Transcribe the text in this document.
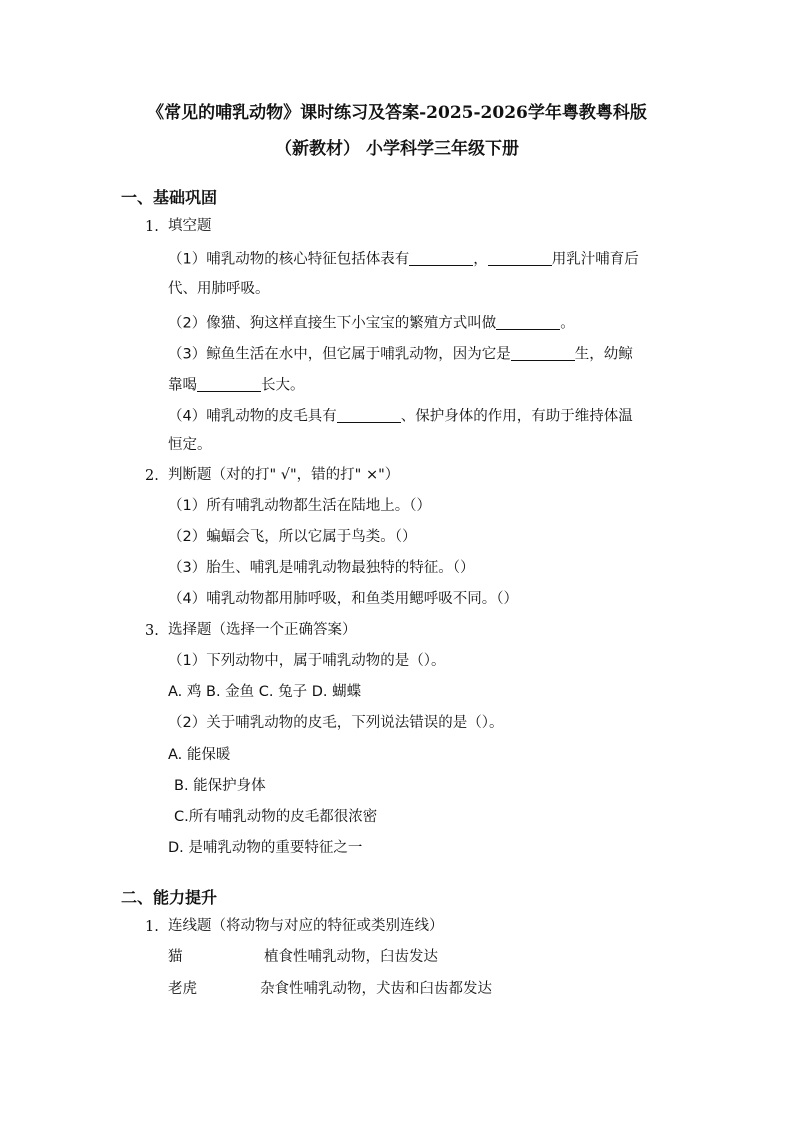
《常见的哺乳动物》课时练习及答案-2025-2026学年粤教粤科版
（新教材） 小学科学三年级下册
一、基础巩固
1. 填空题
（1）哺乳动物的核心特征包括体表有	，	用乳汁哺育后
代、用肺呼吸。
（2）像猫、狗这样直接生下小宝宝的繁殖方式叫做	。
（3）鲸鱼生活在水中，但它属于哺乳动物，因为它是	生，幼鲸
靠喝	长大。
（4）哺乳动物的皮毛具有	、保护身体的作用，有助于维持体温
恒定。
2. 判断题（对的打" √"，错的打" ×"）
（1）所有哺乳动物都生活在陆地上。（）
（2）蝙蝠会飞，所以它属于鸟类。（）
（3）胎生、哺乳是哺乳动物最独特的特征。（）
（4）哺乳动物都用肺呼吸，和鱼类用鳃呼吸不同。（）
3. 选择题（选择一个正确答案）
（1）下列动物中，属于哺乳动物的是（）。
A. 鸡 B. 金鱼 C. 兔子 D. 蝴蝶
（2）关于哺乳动物的皮毛，下列说法错误的是（）。
A. 能保暖
B. 能保护身体
C.所有哺乳动物的皮毛都很浓密
D. 是哺乳动物的重要特征之一
二、能力提升
1. 连线题（将动物与对应的特征或类别连线）
猫	植食性哺乳动物，臼齿发达
老虎	杂食性哺乳动物，犬齿和臼齿都发达
